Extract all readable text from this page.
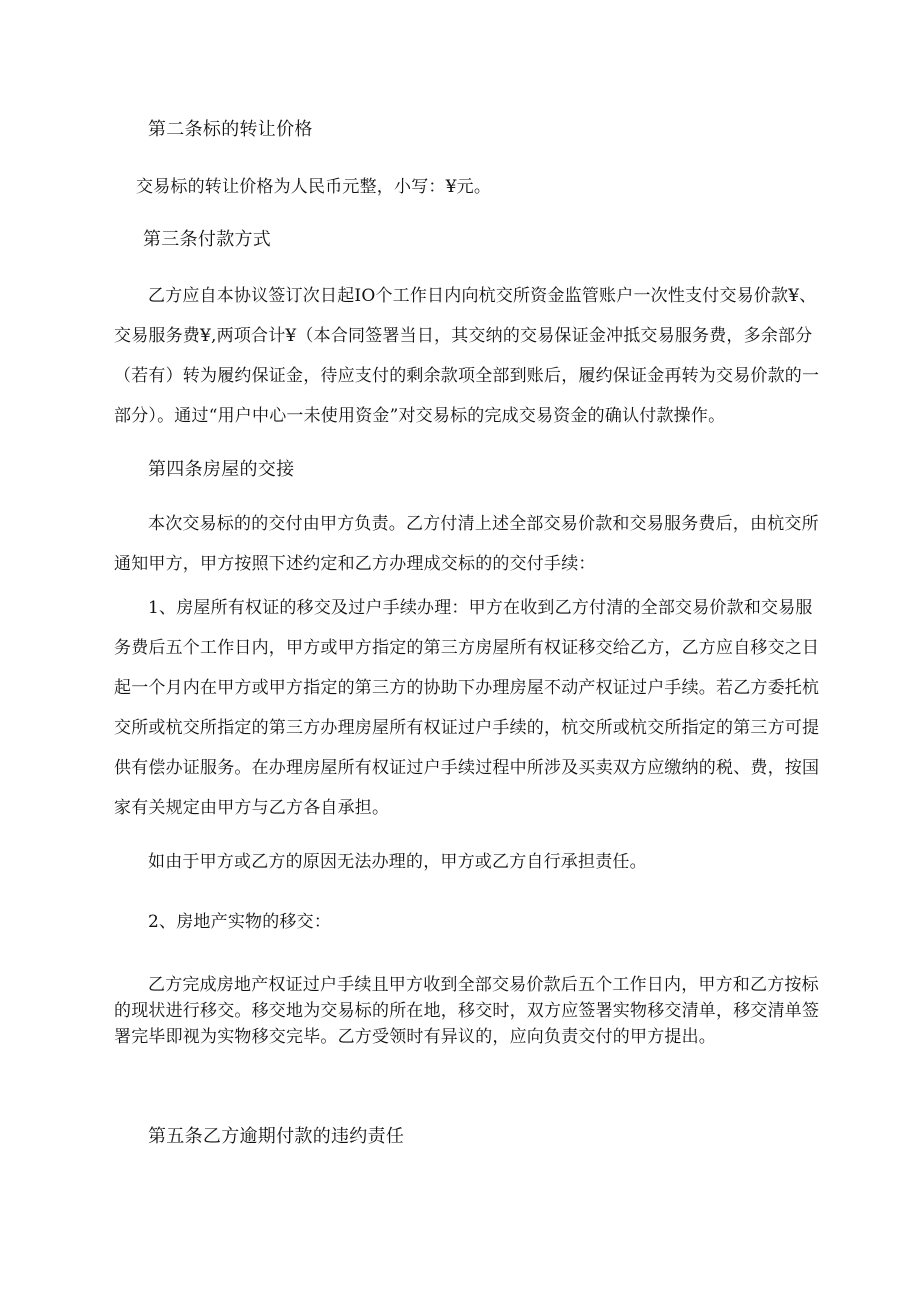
第二条标的转让价格
交易标的转让价格为人民币元整，小写：¥元。
第三条付款方式
乙方应自本协议签订次日起IO个工作日内向杭交所资金监管账户一次性支付交易价款¥、
交易服务费¥,两项合计¥（本合同签署当日，其交纳的交易保证金冲抵交易服务费，多余部分
（若有）转为履约保证金，待应支付的剩余款项全部到账后，履约保证金再转为交易价款的一
部分）。通过“用户中心一未使用资金”对交易标的完成交易资金的确认付款操作。
第四条房屋的交接
本次交易标的的交付由甲方负责。乙方付清上述全部交易价款和交易服务费后，由杭交所
通知甲方，甲方按照下述约定和乙方办理成交标的的交付手续：
1、房屋所有权证的移交及过户手续办理：甲方在收到乙方付清的全部交易价款和交易服
务费后五个工作日内，甲方或甲方指定的第三方房屋所有权证移交给乙方，乙方应自移交之日
起一个月内在甲方或甲方指定的第三方的协助下办理房屋不动产权证过户手续。若乙方委托杭
交所或杭交所指定的第三方办理房屋所有权证过户手续的，杭交所或杭交所指定的第三方可提
供有偿办证服务。在办理房屋所有权证过户手续过程中所涉及买卖双方应缴纳的税、费，按国
家有关规定由甲方与乙方各自承担。
如由于甲方或乙方的原因无法办理的，甲方或乙方自行承担责任。
2、房地产实物的移交：
乙方完成房地产权证过户手续且甲方收到全部交易价款后五个工作日内，甲方和乙方按标
的现状进行移交。移交地为交易标的所在地，移交时，双方应签署实物移交清单，移交清单签
署完毕即视为实物移交完毕。乙方受领时有异议的，应向负责交付的甲方提出。
第五条乙方逾期付款的违约责任
